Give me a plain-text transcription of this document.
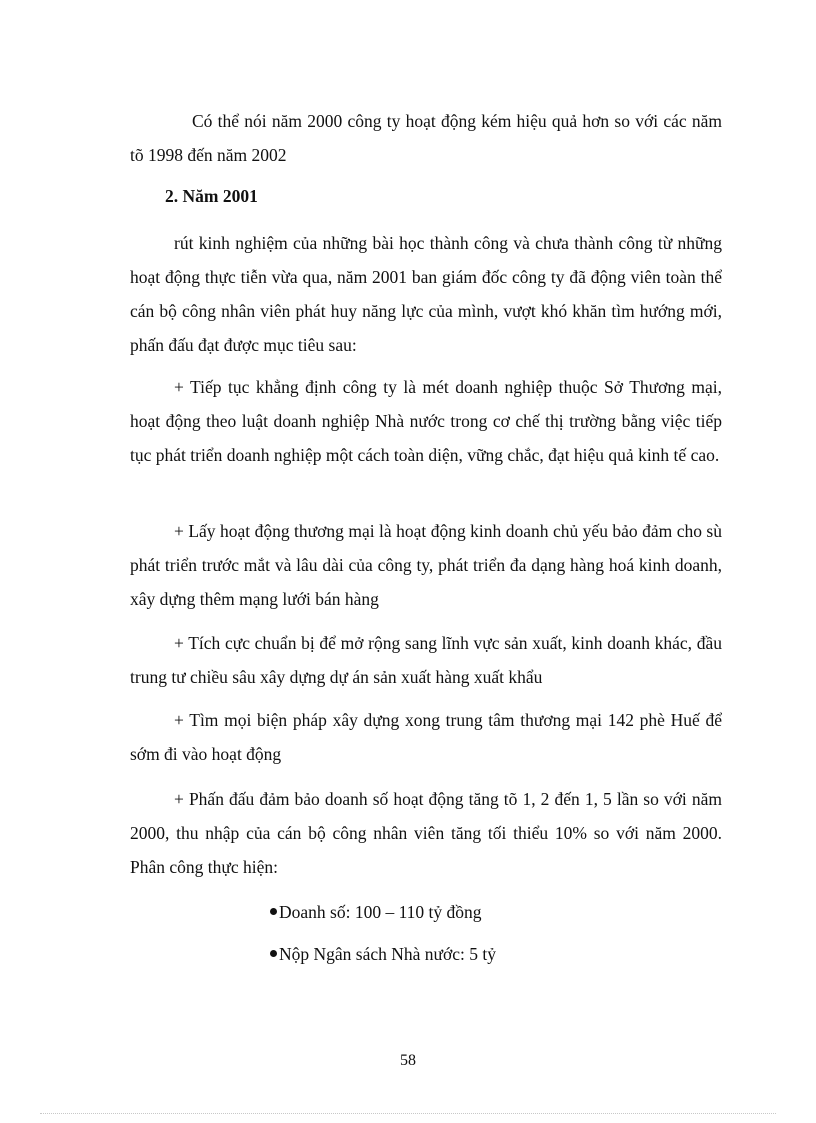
Có thể nói năm 2000 công ty hoạt động kém hiệu quả hơn so với các năm tõ 1998 đến năm 2002

2. Năm 2001

rút kinh nghiệm của những bài học thành công và chưa thành công từ những hoạt động thực tiễn vừa qua, năm 2001 ban giám đốc công ty đã động viên toàn thể cán bộ công nhân viên phát huy năng lực của mình, vượt khó khăn tìm hướng mới, phấn đấu đạt được mục tiêu sau:

+ Tiếp tục khẳng định công ty là mét doanh nghiệp thuộc Sở Thương mại, hoạt động theo luật doanh nghiệp Nhà nước trong cơ chế thị trường bằng việc tiếp tục phát triển doanh nghiệp một cách toàn diện, vững chắc, đạt hiệu quả kinh tế cao.

+ Lấy hoạt động thương mại là hoạt động kinh doanh chủ yếu bảo đảm cho sù phát triển trước mắt và lâu dài của công ty, phát triển đa dạng hàng hoá kinh doanh, xây dựng thêm mạng lưới bán hàng

+ Tích cực chuẩn bị để mở rộng sang lĩnh vực sản xuất, kinh doanh khác, đầu trung tư chiều sâu xây dựng dự án sản xuất hàng xuất khẩu

+ Tìm mọi biện pháp xây dựng xong trung tâm thương mại 142 phè Huế để sớm đi vào hoạt động

+ Phấn đấu đảm bảo doanh số hoạt động tăng tõ 1, 2 đến 1, 5 lần so với năm 2000, thu nhập của cán bộ công nhân viên tăng tối thiểu 10% so với năm 2000. Phân công thực hiện:

Doanh số: 100 – 110 tỷ đồng

Nộp Ngân sách Nhà nước: 5 tỷ

58
